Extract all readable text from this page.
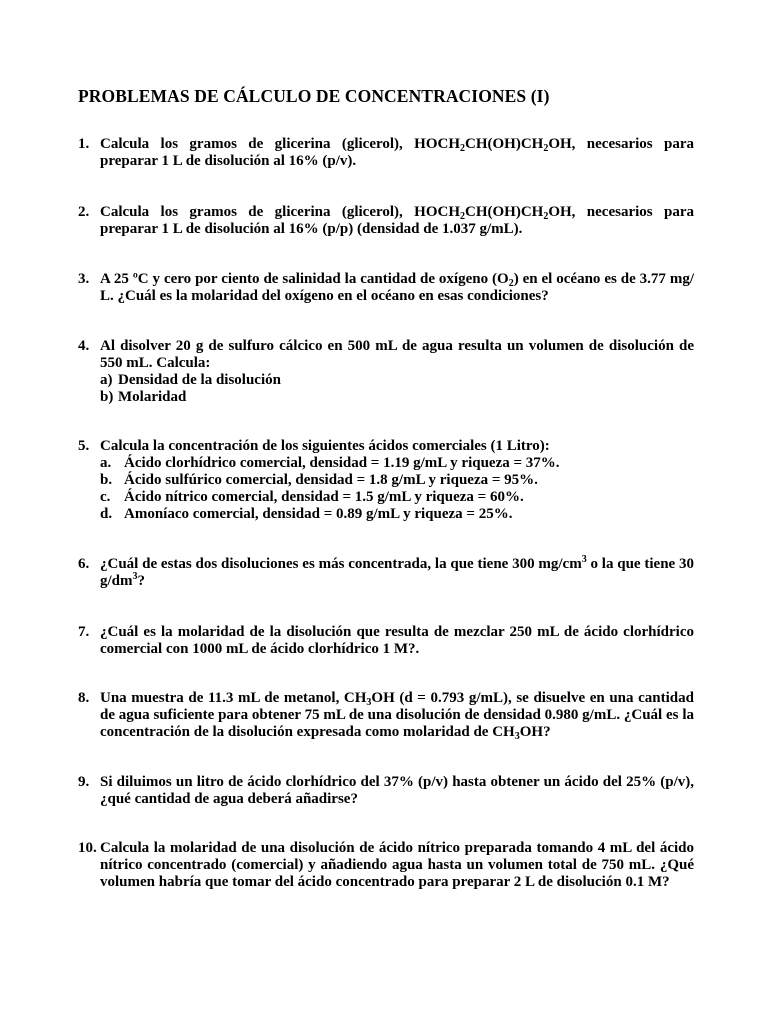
PROBLEMAS DE CÁLCULO DE CONCENTRACIONES (I)
1. Calcula los gramos de glicerina (glicerol), $HOCH_2CH(OH)CH_2OH$, necesarios para preparar 1 L de disolución al 16% (p/v).
2. Calcula los gramos de glicerina (glicerol), $HOCH_2CH(OH)CH_2OH$, necesarios para preparar 1 L de disolución al 16% (p/p) (densidad de 1.037 g/mL).
3. A 25 ºC y cero por ciento de salinidad la cantidad de oxígeno $(O_2)$ en el océano es de 3.77 mg/ L. ¿Cuál es la molaridad del oxígeno en el océano en esas condiciones?
4. Al disolver 20 g de sulfuro cálcico en 500 mL de agua resulta un volumen de disolución de 550 mL. Calcula:
a) Densidad de la disolución
b) Molaridad
5. Calcula la concentración de los siguientes ácidos comerciales (1 Litro):
a. Ácido clorhídrico comercial, densidad = 1.19 g/mL y riqueza = 37%.
b. Ácido sulfúrico comercial, densidad = 1.8 g/mL y riqueza = 95%.
c. Ácido nítrico comercial, densidad = 1.5 g/mL y riqueza = 60%.
d. Amoníaco comercial, densidad = 0.89 g/mL y riqueza = 25%.
6. ¿Cuál de estas dos disoluciones es más concentrada, la que tiene 300 $mg/cm^3$ o la que tiene 30 $g/dm^3$?
7. ¿Cuál es la molaridad de la disolución que resulta de mezclar 250 mL de ácido clorhídrico comercial con 1000 mL de ácido clorhídrico 1 M?.
8. Una muestra de 11.3 mL de metanol, $CH_3OH$ (d = 0.793 g/mL), se disuelve en una cantidad de agua suficiente para obtener 75 mL de una disolución de densidad 0.980 g/mL. ¿Cuál es la concentración de la disolución expresada como molaridad de $CH_3OH$?
9. Si diluimos un litro de ácido clorhídrico del 37% (p/v) hasta obtener un ácido del 25% (p/v), ¿qué cantidad de agua deberá añadirse?
10. Calcula la molaridad de una disolución de ácido nítrico preparada tomando 4 mL del ácido nítrico concentrado (comercial) y añadiendo agua hasta un volumen total de 750 mL. ¿Qué volumen habría que tomar del ácido concentrado para preparar 2 L de disolución 0.1 M?
